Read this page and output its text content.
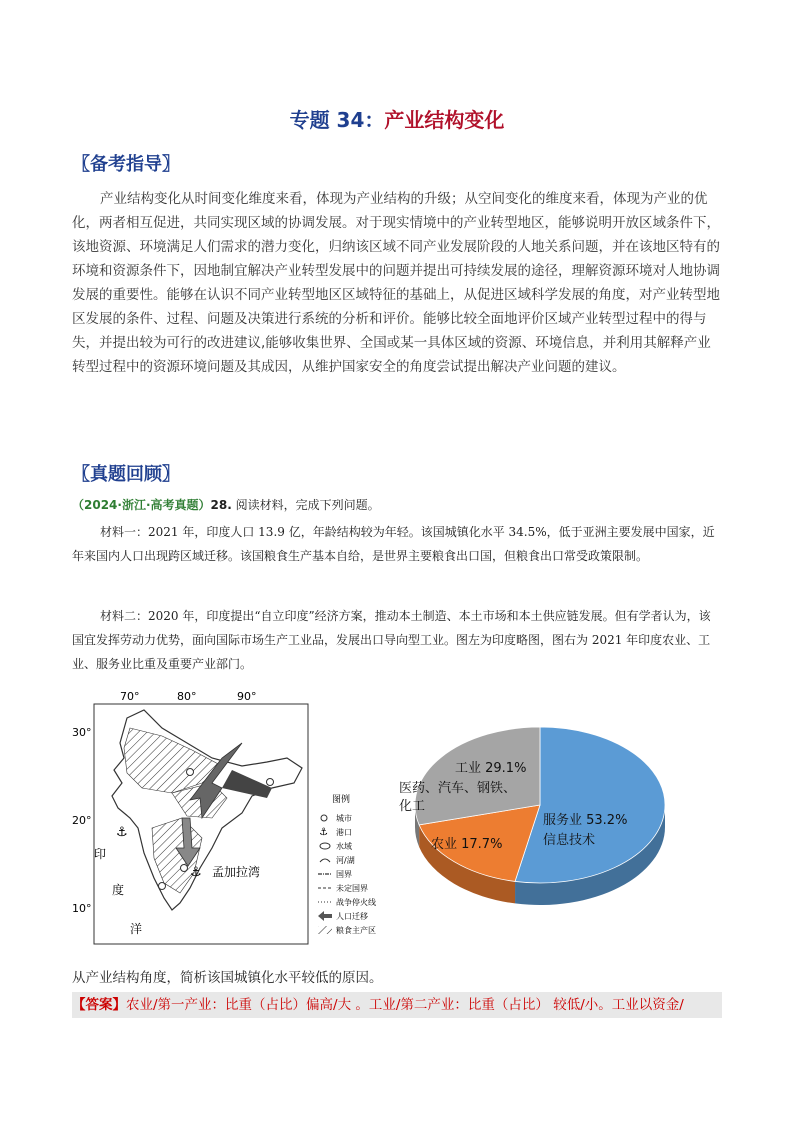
专题 34：产业结构变化
〖备考指导〗

产业结构变化从时间变化维度来看，体现为产业结构的升级；从空间变化的维度来看，体现为产业的优化，两者相互促进，共同实现区域的协调发展。对于现实情境中的产业转型地区，能够说明开放区域条件下，该地资源、环境满足人们需求的潜力变化，归纳该区域不同产业发展阶段的人地关系问题，并在该地区特有的环境和资源条件下，因地制宜解决产业转型发展中的问题并提出可持续发展的途径，理解资源环境对人地协调发展的重要性。能够在认识不同产业转型地区区域特征的基础上，从促进区域科学发展的角度，对产业转型地区发展的条件、过程、问题及决策进行系统的分析和评价。能够比较全面地评价区域产业转型过程中的得与失，并提出较为可行的改进建议,能够收集世界、全国或某一具体区域的资源、环境信息，并利用其解释产业转型过程中的资源环境问题及其成因，从维护国家安全的角度尝试提出解决产业问题的建议。

〖真题回顾〗
（2024·浙江·高考真题）28. 阅读材料，完成下列问题。

材料一：2021 年，印度人口 13.9 亿，年龄结构较为年轻。该国城镇化水平 34.5%，低于亚洲主要发展中国家，近年来国内人口出现跨区域迁移。该国粮食生产基本自给，是世界主要粮食出口国，但粮食出口常受政策限制。

材料二：2020 年，印度提出“自立印度”经济方案，推动本土制造、本土市场和本土供应链发展。但有学者认为，该国宜发挥劳动力优势，面向国际市场生产工业品，发展出口导向型工业。图左为印度略图，图右为 2021 年印度农业、工业、服务业比重及重要产业部门。

70°	80°	90°
30°
20°
10°
⚓
⚓
印
度
洋
孟加拉湾
图例
城市
⚓ 港口
水域
河/湖
国界
未定国界
战争停火线
人口迁移
粮食主产区
服务业 53.2%
信息技术
农业 17.7%
工业 29.1%
医药、汽车、钢铁、
化工
从产业结构角度，简析该国城镇化水平较低的原因。
【答案】农业/第一产业：比重（占比）偏高/大 。工业/第二产业：比重（占比） 较低/小。工业以资金/
